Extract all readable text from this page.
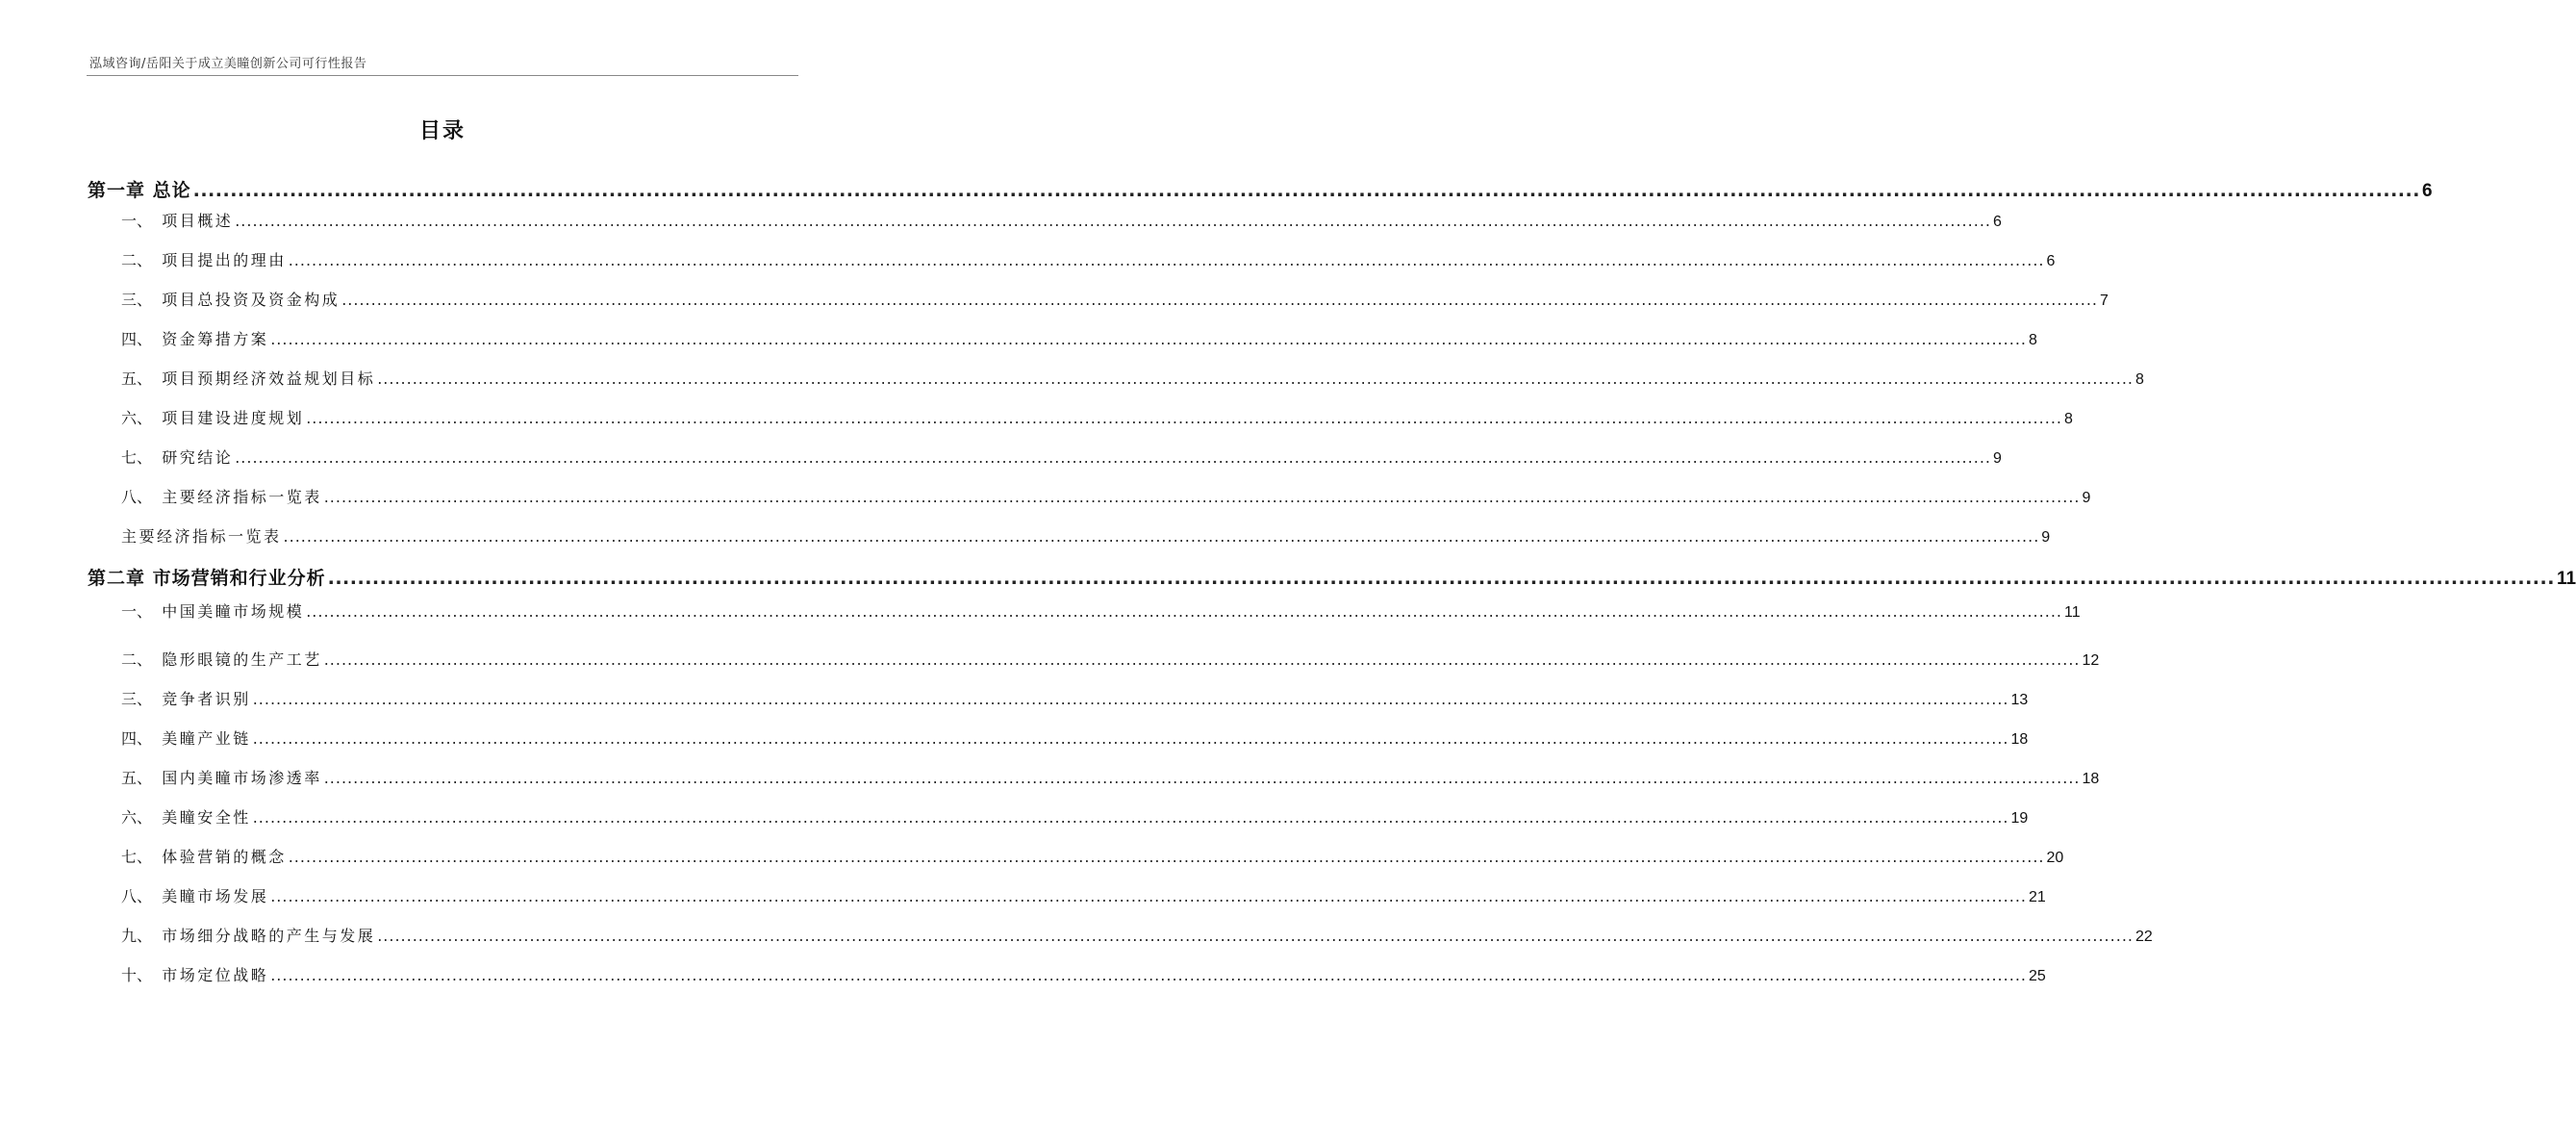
泓域咨询/岳阳关于成立美瞳创新公司可行性报告
目录
第一章 总论 ............................................................................................................................................................................................................................................................................................................ 6
一、 项目概述 ............................................................................................................................................................................................................................................................................................................ 6
二、 项目提出的理由 ............................................................................................................................................................................................................................................................................................................ 6
三、 项目总投资及资金构成 ............................................................................................................................................................................................................................................................................................................ 7
四、 资金筹措方案 ............................................................................................................................................................................................................................................................................................................ 8
五、 项目预期经济效益规划目标 ............................................................................................................................................................................................................................................................................................................ 8
六、 项目建设进度规划 ............................................................................................................................................................................................................................................................................................................ 8
七、 研究结论 ............................................................................................................................................................................................................................................................................................................ 9
八、 主要经济指标一览表 ............................................................................................................................................................................................................................................................................................................ 9
主要经济指标一览表 ............................................................................................................................................................................................................................................................................................................ 9
第二章 市场营销和行业分析 ............................................................................................................................................................................................................................................................................................................ 11
一、 中国美瞳市场规模 ............................................................................................................................................................................................................................................................................................................ 11
二、 隐形眼镜的生产工艺 ............................................................................................................................................................................................................................................................................................................ 12
三、 竞争者识别 ............................................................................................................................................................................................................................................................................................................ 13
四、 美瞳产业链 ............................................................................................................................................................................................................................................................................................................ 18
五、 国内美瞳市场渗透率 ............................................................................................................................................................................................................................................................................................................ 18
六、 美瞳安全性 ............................................................................................................................................................................................................................................................................................................ 19
七、 体验营销的概念 ............................................................................................................................................................................................................................................................................................................ 20
八、 美瞳市场发展 ............................................................................................................................................................................................................................................................................................................ 21
九、 市场细分战略的产生与发展 ............................................................................................................................................................................................................................................................................................................ 22
十、 市场定位战略 ............................................................................................................................................................................................................................................................................................................ 25
